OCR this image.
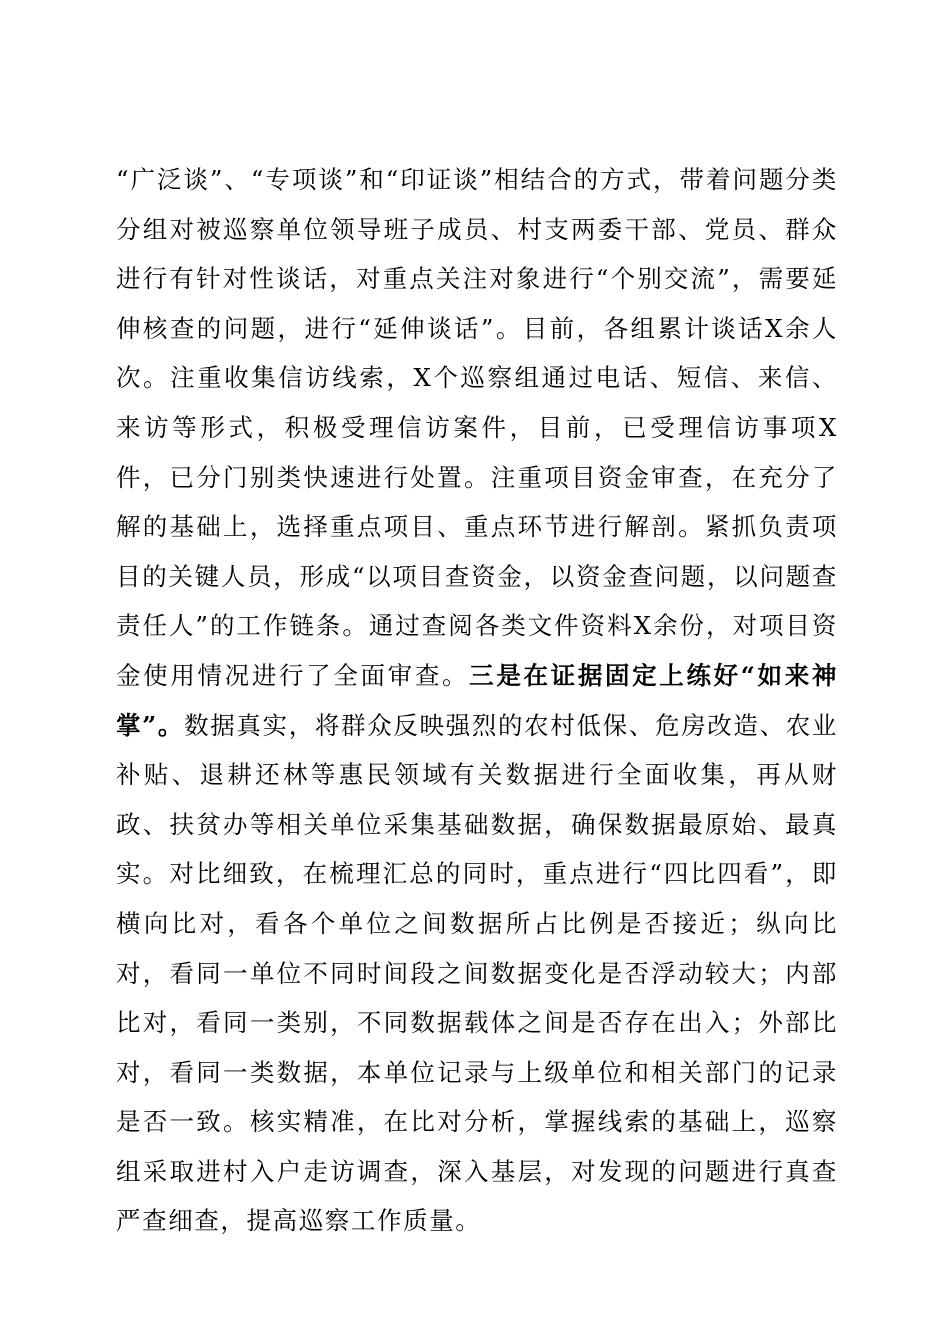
“广泛谈”、“专项谈”和“印证谈”相结合的方式，带着问题分类分组对被巡察单位领导班子成员、村支两委干部、党员、群众进行有针对性谈话，对重点关注对象进行“个别交流”，需要延伸核查的问题，进行“延伸谈话”。目前，各组累计谈话X余人次。注重收集信访线索，X个巡察组通过电话、短信、来信、来访等形式，积极受理信访案件，目前，已受理信访事项X件，已分门别类快速进行处置。注重项目资金审查，在充分了解的基础上，选择重点项目、重点环节进行解剖。紧抓负责项目的关键人员，形成“以项目查资金，以资金查问题，以问题查责任人”的工作链条。通过查阅各类文件资料X余份，对项目资金使用情况进行了全面审查。三是在证据固定上练好“如来神掌”。数据真实，将群众反映强烈的农村低保、危房改造、农业补贴、退耕还林等惠民领域有关数据进行全面收集，再从财政、扶贫办等相关单位采集基础数据，确保数据最原始、最真实。对比细致，在梳理汇总的同时，重点进行“四比四看”，即横向比对，看各个单位之间数据所占比例是否接近；纵向比对，看同一单位不同时间段之间数据变化是否浮动较大；内部比对，看同一类别，不同数据载体之间是否存在出入；外部比对，看同一类数据，本单位记录与上级单位和相关部门的记录是否一致。核实精准，在比对分析，掌握线索的基础上，巡察组采取进村入户走访调查，深入基层，对发现的问题进行真查严查细查，提高巡察工作质量。
